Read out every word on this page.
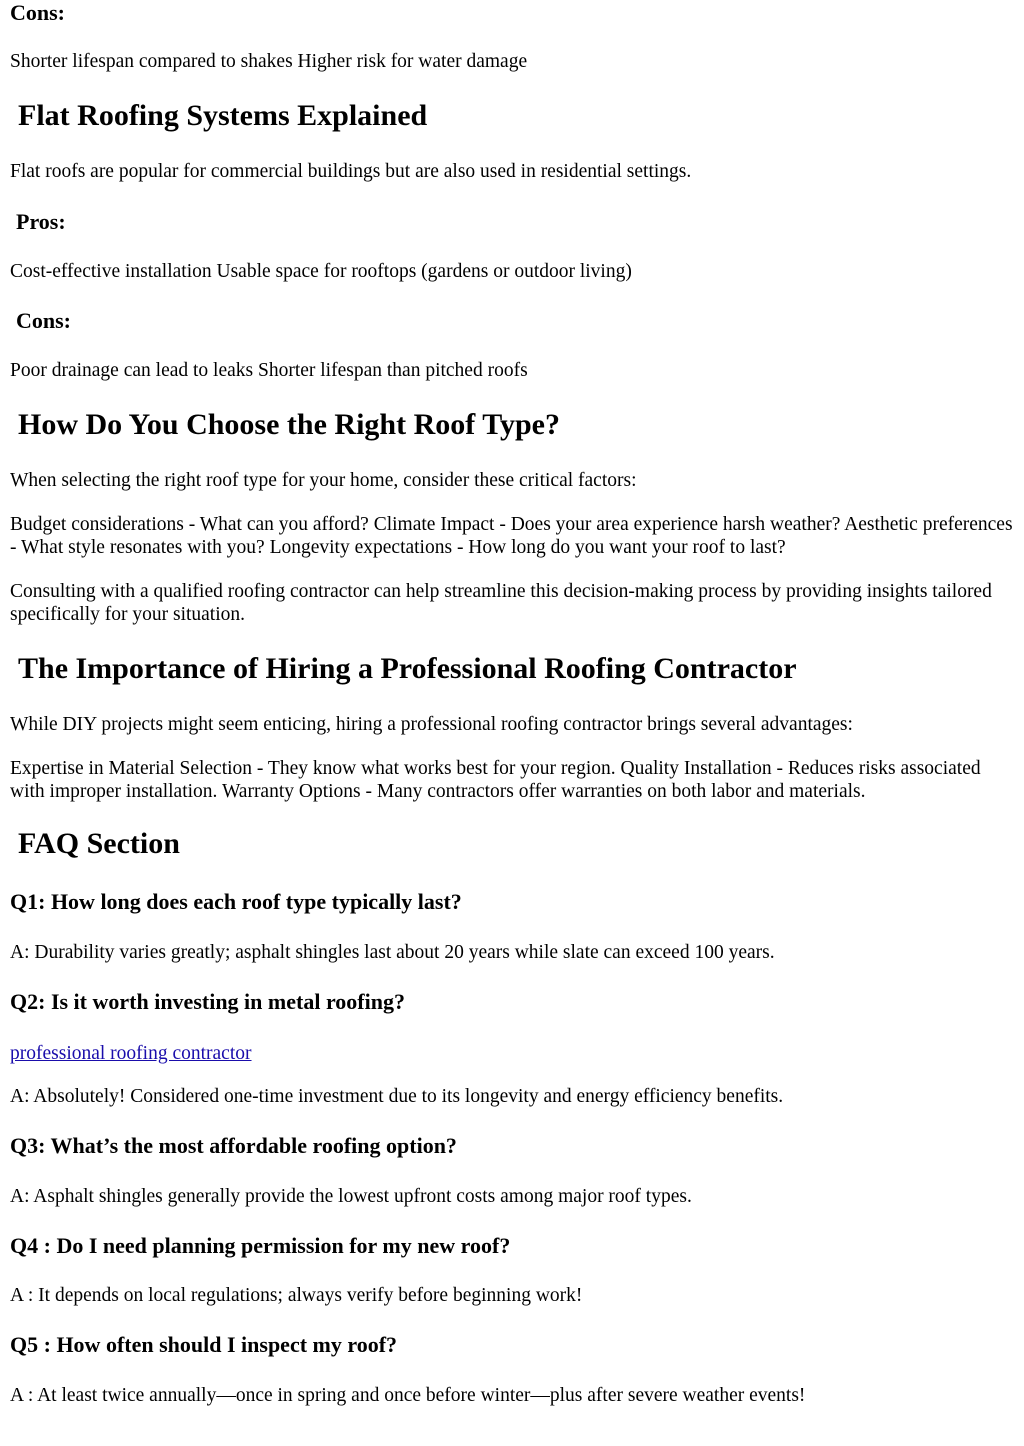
Cons:

Shorter lifespan compared to shakes Higher risk for water damage

Flat Roofing Systems Explained

Flat roofs are popular for commercial buildings but are also used in residential settings.

Pros:

Cost-effective installation Usable space for rooftops (gardens or outdoor living)

Cons:

Poor drainage can lead to leaks Shorter lifespan than pitched roofs

How Do You Choose the Right Roof Type?

When selecting the right roof type for your home, consider these critical factors:

Budget considerations - What can you afford? Climate Impact - Does your area experience harsh weather? Aesthetic preferences - What style resonates with you? Longevity expectations - How long do you want your roof to last?

Consulting with a qualified roofing contractor can help streamline this decision-making process by providing insights tailored specifically for your situation.

The Importance of Hiring a Professional Roofing Contractor

While DIY projects might seem enticing, hiring a professional roofing contractor brings several advantages:

Expertise in Material Selection - They know what works best for your region. Quality Installation - Reduces risks associated with improper installation. Warranty Options - Many contractors offer warranties on both labor and materials.

FAQ Section
Q1: How long does each roof type typically last?

A: Durability varies greatly; asphalt shingles last about 20 years while slate can exceed 100 years.

Q2: Is it worth investing in metal roofing?
professional roofing contractor

A: Absolutely! Considered one-time investment due to its longevity and energy efficiency benefits.

Q3: What’s the most affordable roofing option?

A: Asphalt shingles generally provide the lowest upfront costs among major roof types.

Q4 : Do I need planning permission for my new roof?

A : It depends on local regulations; always verify before beginning work!

Q5 : How often should I inspect my roof?

A : At least twice annually—once in spring and once before winter—plus after severe weather events!
